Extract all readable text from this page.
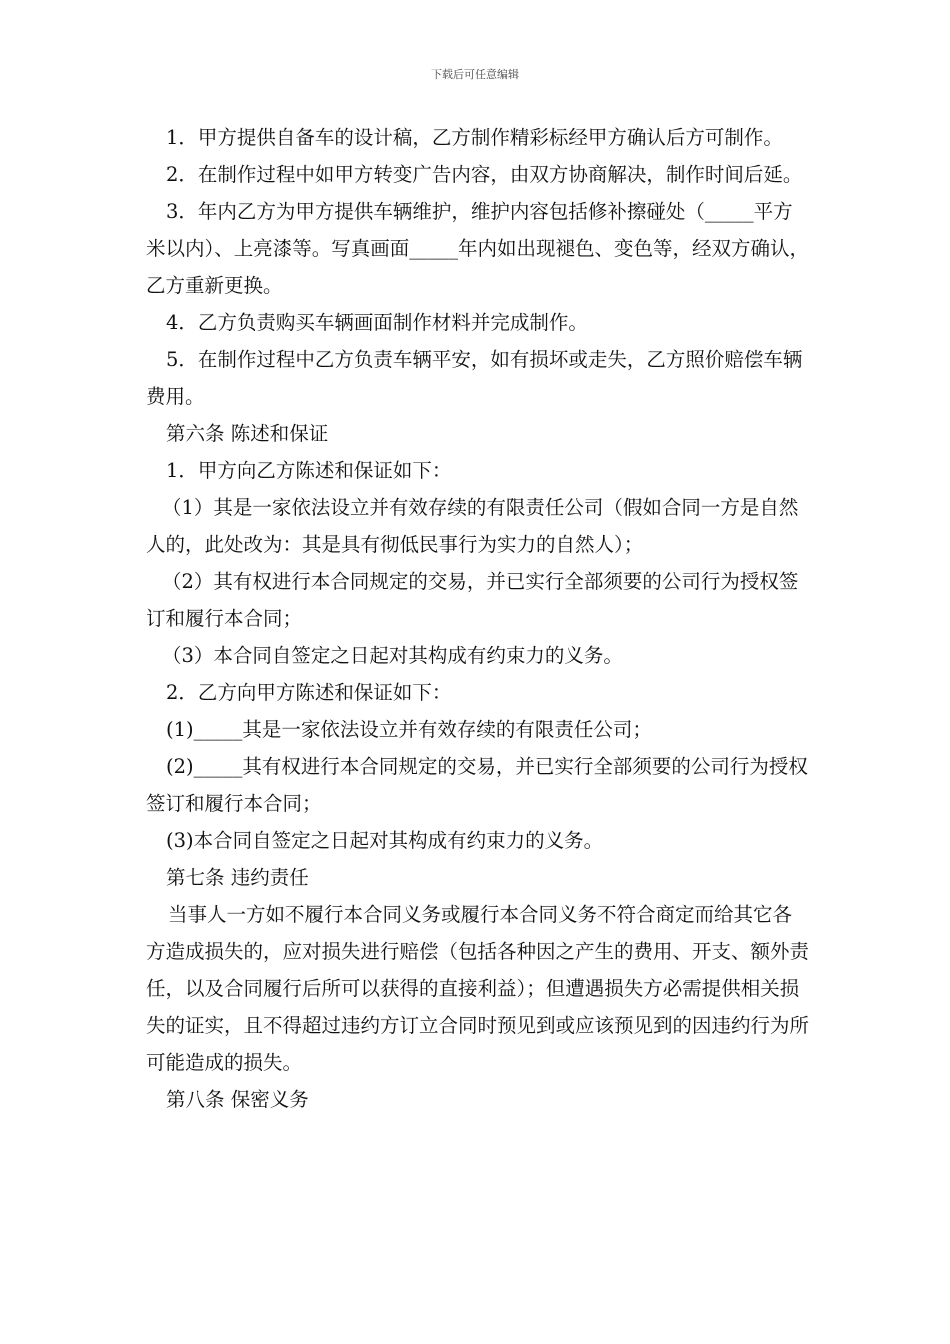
下载后可任意编辑

1．甲方提供自备车的设计稿，乙方制作精彩标经甲方确认后方可制作。

2．在制作过程中如甲方转变广告内容，由双方协商解决，制作时间后延。

3．年内乙方为甲方提供车辆维护，维护内容包括修补擦碰处（_____平方米以内）、上亮漆等。写真画面_____年内如出现褪色、变色等，经双方确认，乙方重新更换。

4．乙方负责购买车辆画面制作材料并完成制作。

5．在制作过程中乙方负责车辆平安，如有损坏或走失，乙方照价赔偿车辆费用。

第六条 陈述和保证

1．甲方向乙方陈述和保证如下：

（1）其是一家依法设立并有效存续的有限责任公司（假如合同一方是自然人的，此处改为：其是具有彻低民事行为实力的自然人）；

（2）其有权进行本合同规定的交易，并已实行全部须要的公司行为授权签订和履行本合同；

（3）本合同自签定之日起对其构成有约束力的义务。

2．乙方向甲方陈述和保证如下：

(1)_____其是一家依法设立并有效存续的有限责任公司；

(2)_____其有权进行本合同规定的交易，并已实行全部须要的公司行为授权签订和履行本合同；

(3)本合同自签定之日起对其构成有约束力的义务。

第七条 违约责任

当事人一方如不履行本合同义务或履行本合同义务不符合商定而给其它各方造成损失的，应对损失进行赔偿（包括各种因之产生的费用、开支、额外责任，以及合同履行后所可以获得的直接利益）；但遭遇损失方必需提供相关损失的证实，且不得超过违约方订立合同时预见到或应该预见到的因违约行为所可能造成的损失。

第八条 保密义务
